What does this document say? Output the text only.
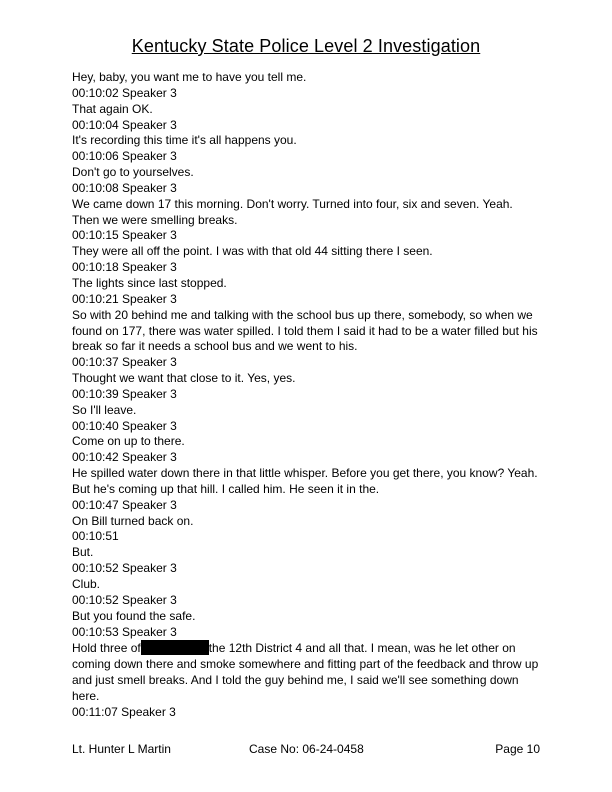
Kentucky State Police Level 2 Investigation
Hey, baby, you want me to have you tell me.
00:10:02 Speaker 3
That again OK.
00:10:04 Speaker 3
It's recording this time it's all happens you.
00:10:06 Speaker 3
Don't go to yourselves.
00:10:08 Speaker 3
We came down 17 this morning. Don't worry. Turned into four, six and seven. Yeah.
Then we were smelling breaks.
00:10:15 Speaker 3
They were all off the point. I was with that old 44 sitting there I seen.
00:10:18 Speaker 3
The lights since last stopped.
00:10:21 Speaker 3
So with 20 behind me and talking with the school bus up there, somebody, so when we
found on 177, there was water spilled. I told them I said it had to be a water filled but his
break so far it needs a school bus and we went to his.
00:10:37 Speaker 3
Thought we want that close to it. Yes, yes.
00:10:39 Speaker 3
So I'll leave.
00:10:40 Speaker 3
Come on up to there.
00:10:42 Speaker 3
He spilled water down there in that little whisper. Before you get there, you know? Yeah.
But he's coming up that hill. I called him. He seen it in the.
00:10:47 Speaker 3
On Bill turned back on.
00:10:51
But.
00:10:52 Speaker 3
Club.
00:10:52 Speaker 3
But you found the safe.
00:10:53 Speaker 3
Hold three of	the 12th District 4 and all that. I mean, was he let other on coming down there and smoke somewhere and fitting part of the feedback and throw up and just smell breaks. And I told the guy behind me, I said we'll see something down here.
00:11:07 Speaker 3
Lt. Hunter L Martin	Case No: 06-24-0458	Page 10
